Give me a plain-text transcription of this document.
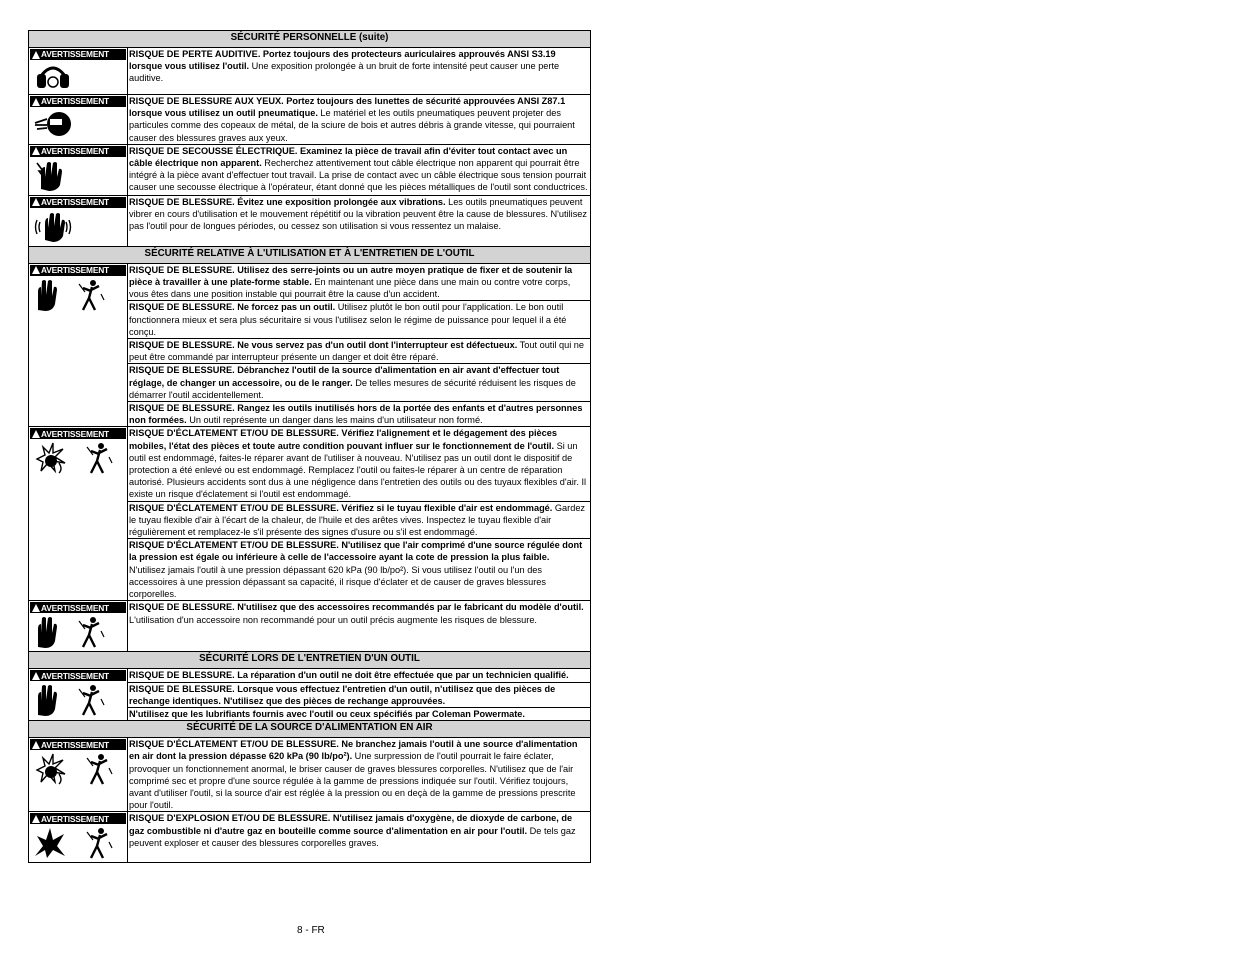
SÉCURITÉ PERSONNELLE (suite)	

AVERTISSEMENT	RISQUE DE PERTE AUDITIVE. Portez toujours des protecteurs auriculaires approuvés ANSI S3.19 lorsque vous utilisez l'outil. Une exposition prolongée à un bruit de forte intensité peut causer une perte auditive.

AVERTISSEMENT	RISQUE DE BLESSURE AUX YEUX. Portez toujours des lunettes de sécurité approuvées ANSI Z87.1 lorsque vous utilisez un outil pneumatique. Le matériel et les outils pneumatiques peuvent projeter des particules comme des copeaux de métal, de la sciure de bois et autres débris à grande vitesse, qui pourraient causer des blessures graves aux yeux.

AVERTISSEMENT	RISQUE DE SECOUSSE ÉLECTRIQUE. Examinez la pièce de travail afin d'éviter tout contact avec un câble électrique non apparent. Recherchez attentivement tout câble électrique non apparent qui pourrait être intégré à la pièce avant d'effectuer tout travail. La prise de contact avec un câble électrique sous tension pourrait causer une secousse électrique à l'opérateur, étant donné que les pièces métalliques de l'outil sont conductrices.

AVERTISSEMENT	RISQUE DE BLESSURE. Évitez une exposition prolongée aux vibrations. Les outils pneumatiques peuvent vibrer en cours d'utilisation et le mouvement répétitif ou la vibration peuvent être la cause de blessures. N'utilisez pas l'outil pour de longues périodes, ou cessez son utilisation si vous ressentez un malaise.
SÉCURITÉ RELATIVE À L'UTILISATION ET À L'ENTRETIEN DE L'OUTIL	

AVERTISSEMENT	RISQUE DE BLESSURE. Utilisez des serre-joints ou un autre moyen pratique de fixer et de soutenir la pièce à travailler à une plate-forme stable. En maintenant une pièce dans une main ou contre votre corps, vous êtes dans une position instable qui pourrait être la cause d'un accident.
	RISQUE DE BLESSURE. Ne forcez pas un outil. Utilisez plutôt le bon outil pour l'application. Le bon outil fonctionnera mieux et sera plus sécuritaire si vous l'utilisez selon le régime de puissance pour lequel il a été conçu.
	RISQUE DE BLESSURE. Ne vous servez pas d'un outil dont l'interrupteur est défectueux. Tout outil qui ne peut être commandé par interrupteur présente un danger et doit être réparé.
	RISQUE DE BLESSURE. Débranchez l'outil de la source d'alimentation en air avant d'effectuer tout réglage, de changer un accessoire, ou de le ranger. De telles mesures de sécurité réduisent les risques de démarrer l'outil accidentellement.
	RISQUE DE BLESSURE. Rangez les outils inutilisés hors de la portée des enfants et d'autres personnes non formées. Un outil représente un danger dans les mains d'un utilisateur non formé.

AVERTISSEMENT	RISQUE D'ÉCLATEMENT ET/OU DE BLESSURE. Vérifiez l'alignement et le dégagement des pièces mobiles, l'état des pièces et toute autre condition pouvant influer sur le fonctionnement de l'outil. Si un outil est endommagé, faites-le réparer avant de l'utiliser à nouveau. N'utilisez pas un outil dont le dispositif de protection a été enlevé ou est endommagé. Remplacez l'outil ou faites-le réparer à un centre de réparation autorisé. Plusieurs accidents sont dus à une négligence dans l'entretien des outils ou des tuyaux flexibles d'air. Il existe un risque d'éclatement si l'outil est endommagé.
	RISQUE D'ÉCLATEMENT ET/OU DE BLESSURE. Vérifiez si le tuyau flexible d'air est endommagé. Gardez le tuyau flexible d'air à l'écart de la chaleur, de l'huile et des arêtes vives. Inspectez le tuyau flexible d'air régulièrement et remplacez-le s'il présente des signes d'usure ou s'il est endommagé.
	RISQUE D'ÉCLATEMENT ET/OU DE BLESSURE. N'utilisez que l'air comprimé d'une source régulée dont la pression est égale ou inférieure à celle de l'accessoire ayant la cote de pression la plus faible. N'utilisez jamais l'outil à une pression dépassant 620 kPa (90 lb/po²). Si vous utilisez l'outil ou l'un des accessoires à une pression dépassant sa capacité, il risque d'éclater et de causer de graves blessures corporelles.

AVERTISSEMENT	RISQUE DE BLESSURE. N'utilisez que des accessoires recommandés par le fabricant du modèle d'outil. L'utilisation d'un accessoire non recommandé pour un outil précis augmente les risques de blessure.
SÉCURITÉ LORS DE L'ENTRETIEN D'UN OUTIL	

AVERTISSEMENT	RISQUE DE BLESSURE. La réparation d'un outil ne doit être effectuée que par un technicien qualifié.
	RISQUE DE BLESSURE. Lorsque vous effectuez l'entretien d'un outil, n'utilisez que des pièces de rechange identiques. N'utilisez que des pièces de rechange approuvées.
	N'utilisez que les lubrifiants fournis avec l'outil ou ceux spécifiés par Coleman Powermate.
SÉCURITÉ DE LA SOURCE D'ALIMENTATION EN AIR	

AVERTISSEMENT	RISQUE D'ÉCLATEMENT ET/OU DE BLESSURE. Ne branchez jamais l'outil à une source d'alimentation en air dont la pression dépasse 620 kPa (90 lb/po²). Une surpression de l'outil pourrait le faire éclater, provoquer un fonctionnement anormal, le briser causer de graves blessures corporelles. N'utilisez que de l'air comprimé sec et propre d'une source régulée à la gamme de pressions indiquée sur l'outil. Vérifiez toujours, avant d'utiliser l'outil, si la source d'air est réglée à la pression ou en deçà de la gamme de pressions prescrite pour l'outil.

AVERTISSEMENT	RISQUE D'EXPLOSION ET/OU DE BLESSURE. N'utilisez jamais d'oxygène, de dioxyde de carbone, de gaz combustible ni d'autre gaz en bouteille comme source d'alimentation en air pour l'outil. De tels gaz peuvent exploser et causer des blessures corporelles graves.
8 - FR
